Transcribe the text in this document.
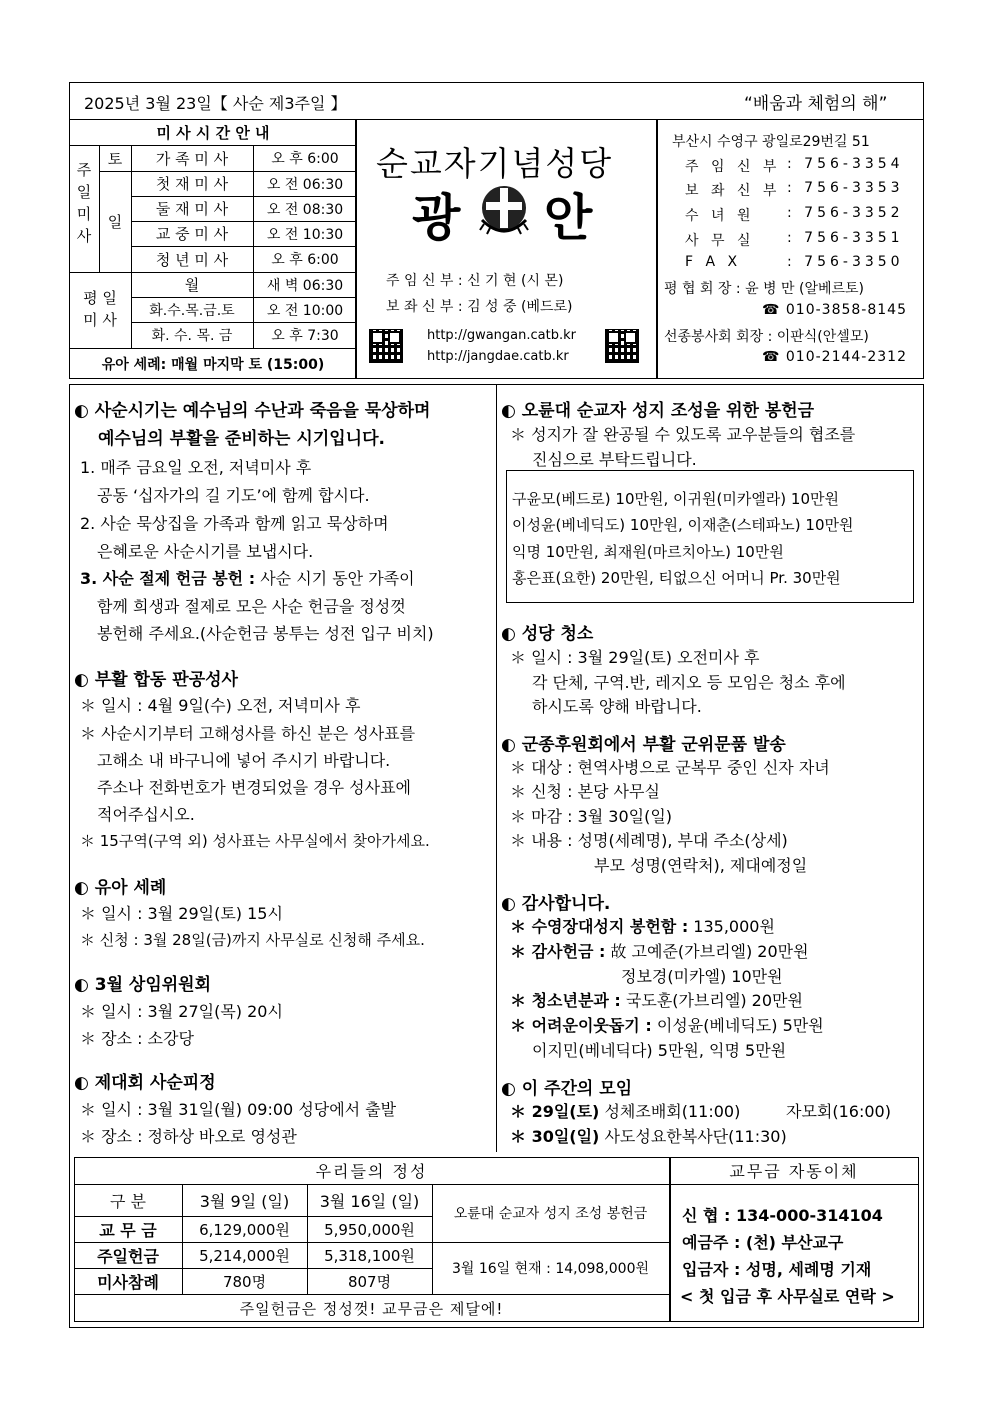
2025년 3월 23일【 사순 제3주일 】	“배움과 체험의 해”
미 사 시 간 안 내
주
일
미
사
토
일
가 족 미 사	오 후 6:00
첫 재 미 사	오 전 06:30
둘 재 미 사	오 전 08:30
교 중 미 사	오 전 10:30
청 년 미 사	오 후 6:00
평 일
미 사
월	새 벽 06:30
화.수.목.금.토	오 전 10:00
화. 수. 목. 금	오 후 7:30
유아 세례: 매월 마지막 토 (15:00)
순교자기념성당
광 안
주 임 신 부 : 신 기 현 (시 몬)
보 좌 신 부 : 김 성 중 (베드로)
http://gwangan.catb.kr
http://jangdae.catb.kr
부산시 수영구 광일로29번길 51
주 임 신 부 : 756-3354
보 좌 신 부 : 756-3353
수 녀 원 : 756-3352
사 무 실 : 756-3351
F A X	: 756-3350
평 협 회 장 : 윤 병 만 (알베르토)
☎ 010-3858-8145
선종봉사회 회장 : 이판식(안셀모)
☎ 010-2144-2312
◐ 사순시기는 예수님의 수난과 죽음을 묵상하며
예수님의 부활을 준비하는 시기입니다.
1. 매주 금요일 오전, 저녁미사 후
공동 ‘십자가의 길 기도’에 함께 합시다.
2. 사순 묵상집을 가족과 함께 읽고 묵상하며
은혜로운 사순시기를 보냅시다.
3. 사순 절제 헌금 봉헌 : 사순 시기 동안 가족이
함께 희생과 절제로 모은 사순 헌금을 정성껏
봉헌해 주세요.(사순헌금 봉투는 성전 입구 비치)
◐ 부활 합동 판공성사
＊ 일시 : 4월 9일(수) 오전, 저녁미사 후
＊ 사순시기부터 고해성사를 하신 분은 성사표를
고해소 내 바구니에 넣어 주시기 바랍니다.
주소나 전화번호가 변경되었을 경우 성사표에
적어주십시오.
＊ 15구역(구역 외) 성사표는 사무실에서 찾아가세요.
◐ 유아 세례
＊ 일시 : 3월 29일(토) 15시
＊ 신청 : 3월 28일(금)까지 사무실로 신청해 주세요.
◐ 3월 상임위원회
＊ 일시 : 3월 27일(목) 20시
＊ 장소 : 소강당
◐ 제대회 사순피정
＊ 일시 : 3월 31일(월) 09:00 성당에서 출발
＊ 장소 : 정하상 바오로 영성관
◐ 오륜대 순교자 성지 조성을 위한 봉헌금
＊ 성지가 잘 완공될 수 있도록 교우분들의 협조를
진심으로 부탁드립니다.
구윤모(베드로) 10만원, 이귀원(미카엘라) 10만원
이성윤(베네딕도) 10만원, 이재춘(스테파노) 10만원
익명 10만원, 최재원(마르치아노) 10만원
홍은표(요한) 20만원, 티없으신 어머니 Pr. 30만원
◐ 성당 청소
＊ 일시 : 3월 29일(토) 오전미사 후
각 단체, 구역.반, 레지오 등 모임은 청소 후에
하시도록 양해 바랍니다.
◐ 군종후원회에서 부활 군위문품 발송
＊ 대상 : 현역사병으로 군복무 중인 신자 자녀
＊ 신청 : 본당 사무실
＊ 마감 : 3월 30일(일)
＊ 내용 : 성명(세례명), 부대 주소(상세)
부모 성명(연락처), 제대예정일
◐ 감사합니다.
＊ 수영장대성지 봉헌함 : 135,000원
＊ 감사헌금 : 故 고예준(가브리엘) 20만원
정보경(미카엘) 10만원
＊ 청소년분과 : 국도훈(가브리엘) 20만원
＊ 어려운이웃돕기 : 이성윤(베네딕도) 5만원
이지민(베네딕다) 5만원, 익명 5만원
◐ 이 주간의 모임
＊ 29일(토) 성체조배회(11:00)	자모회(16:00)
＊ 30일(일) 사도성요한복사단(11:30)
우리들의 정성	교무금 자동이체
구 분	3월 9일 (일)	3월 16일 (일)
오륜대 순교자 성지 조성 봉헌금
교 무 금	6,129,000원	5,950,000원
주일헌금	5,214,000원	5,318,100원
3월 16일 현재 : 14,098,000원
미사참례	780명	807명
주일헌금은 정성껏! 교무금은 제달에!
신 협 : 134-000-314104
예금주 : (천) 부산교구
입금자 : 성명, 세례명 기재
< 첫 입금 후 사무실로 연락 >
